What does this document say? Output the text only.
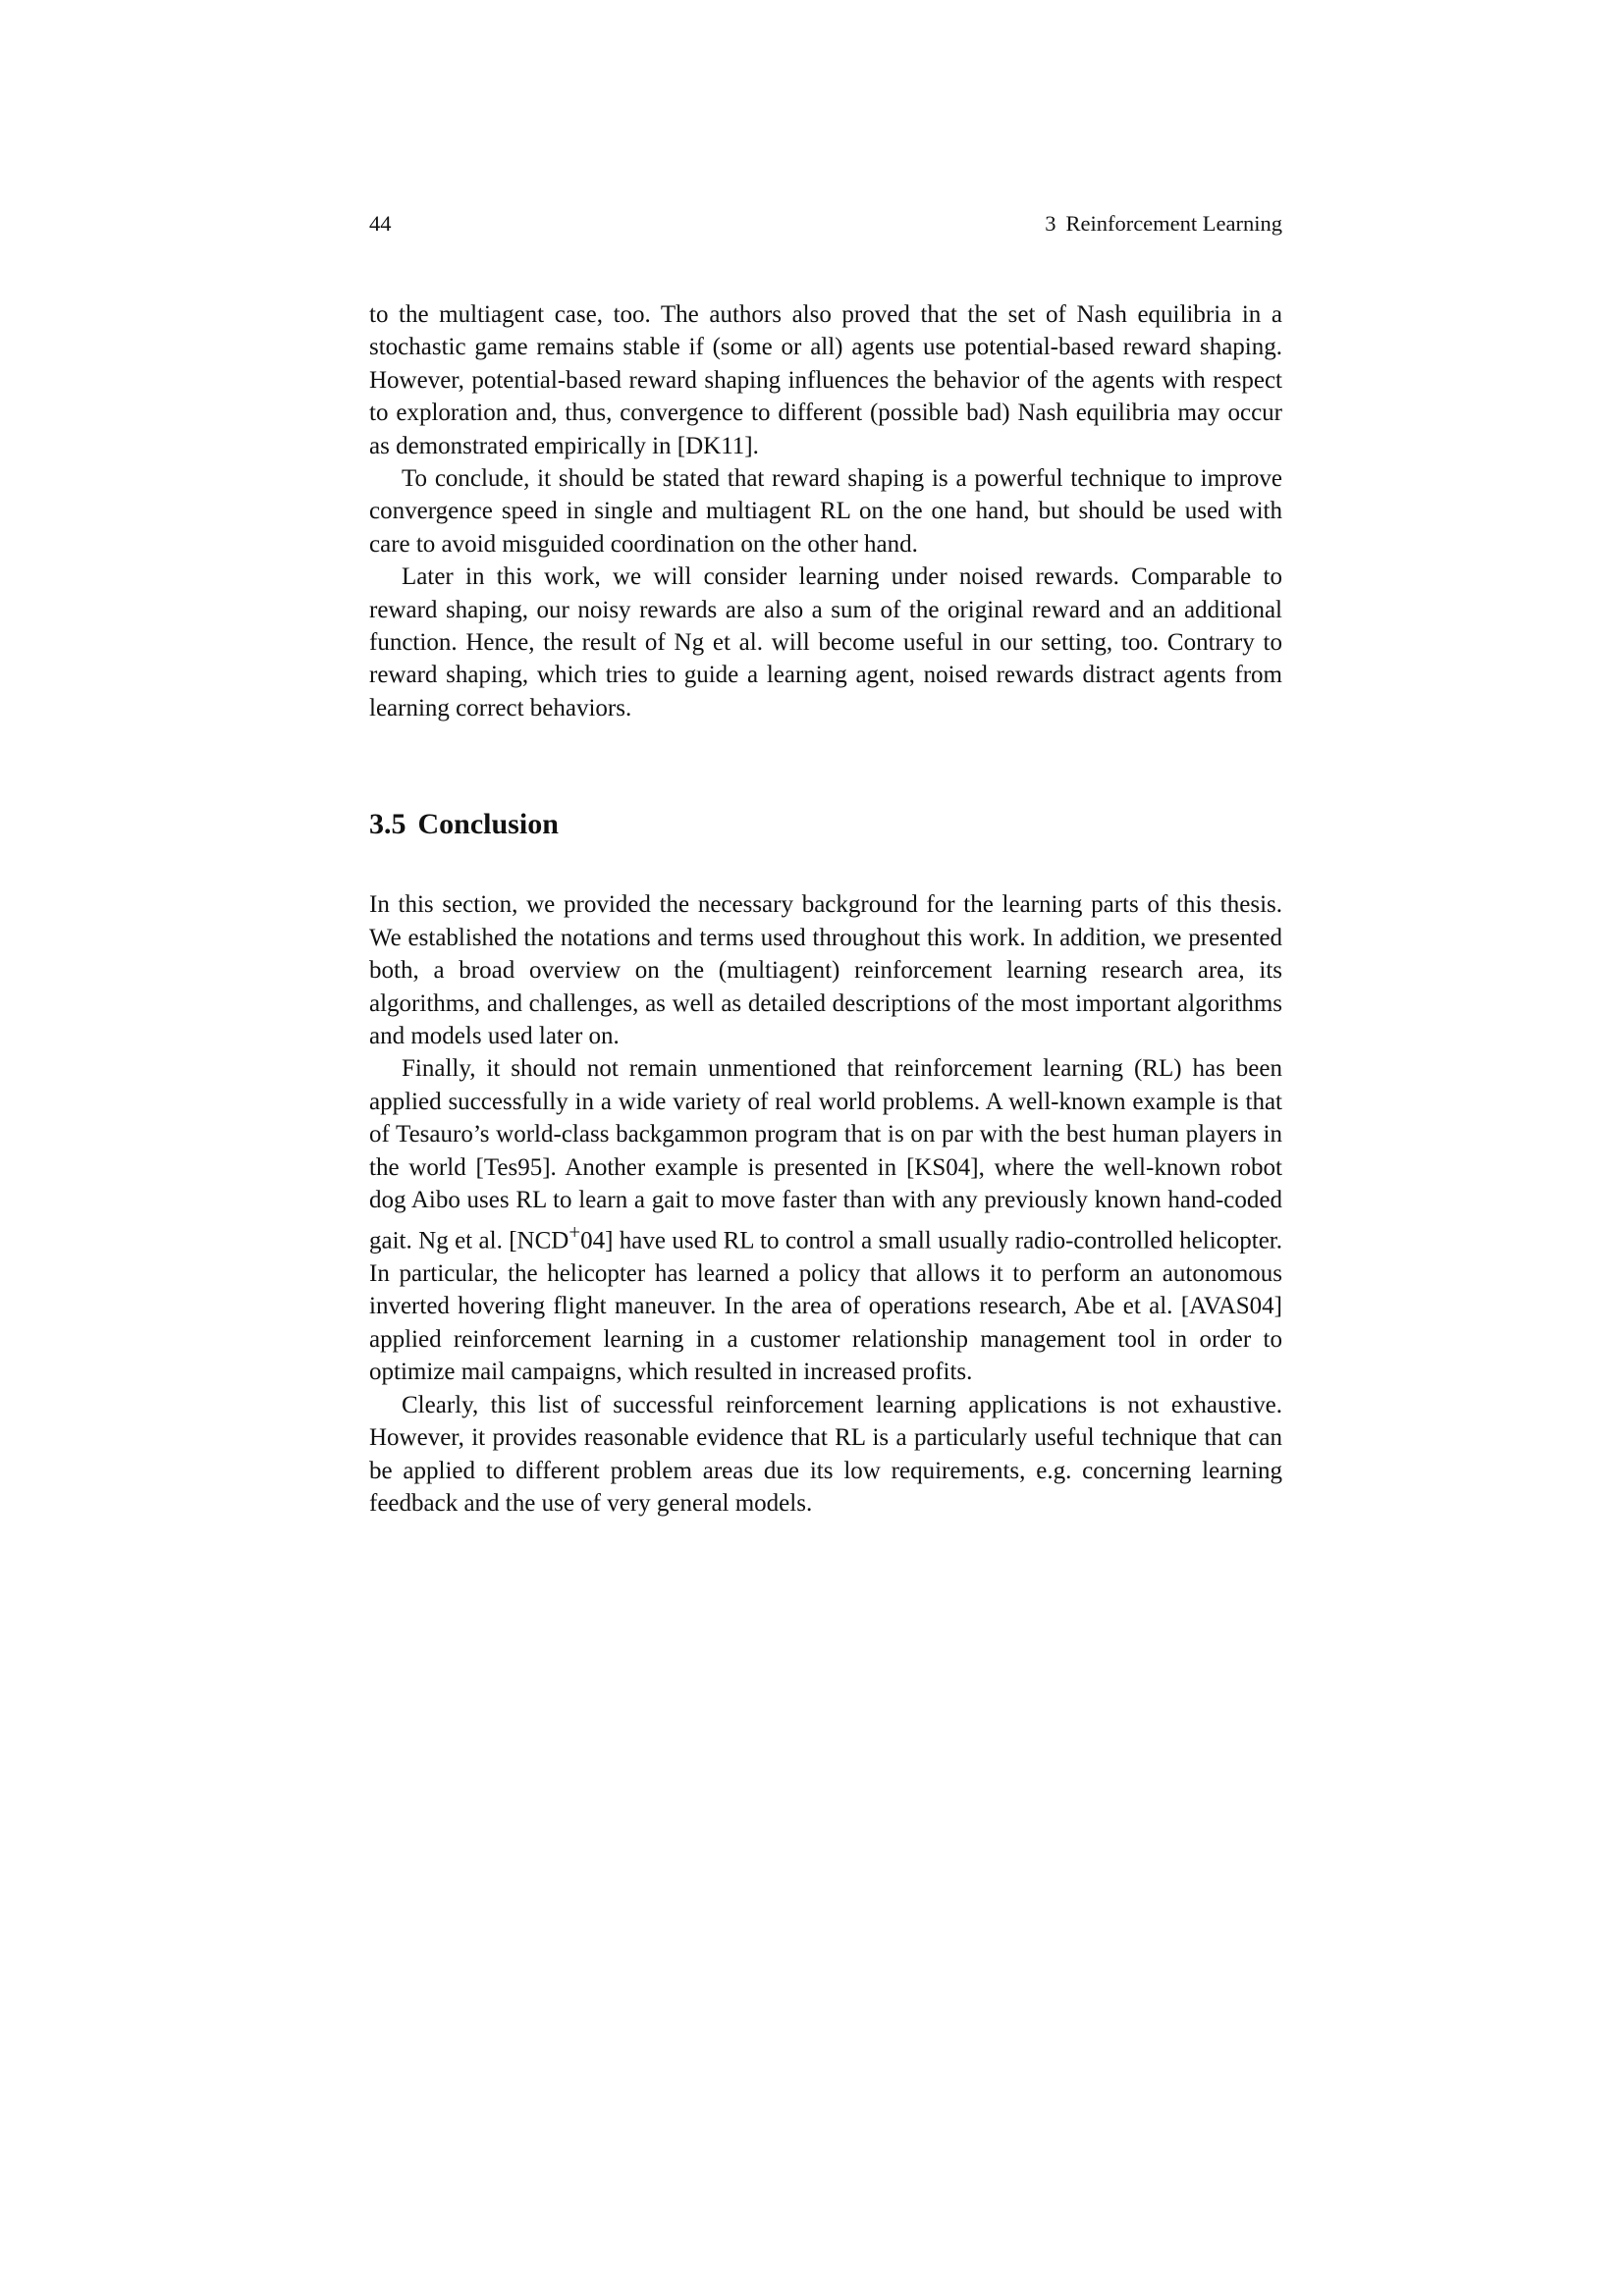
44	3 Reinforcement Learning

to the multiagent case, too. The authors also proved that the set of Nash equilibria in a stochastic game remains stable if (some or all) agents use potential-based reward shaping. However, potential-based reward shaping influences the behavior of the agents with respect to exploration and, thus, convergence to different (possible bad) Nash equilibria may occur as demonstrated empirically in [DK11].

To conclude, it should be stated that reward shaping is a powerful technique to improve convergence speed in single and multiagent RL on the one hand, but should be used with care to avoid misguided coordination on the other hand.

Later in this work, we will consider learning under noised rewards. Comparable to reward shaping, our noisy rewards are also a sum of the original reward and an additional function. Hence, the result of Ng et al. will become useful in our setting, too. Contrary to reward shaping, which tries to guide a learning agent, noised rewards distract agents from learning correct behaviors.

3.5 Conclusion

In this section, we provided the necessary background for the learning parts of this thesis. We established the notations and terms used throughout this work. In addition, we presented both, a broad overview on the (multiagent) reinforcement learning research area, its algorithms, and challenges, as well as detailed descriptions of the most important algorithms and models used later on.

Finally, it should not remain unmentioned that reinforcement learning (RL) has been applied successfully in a wide variety of real world problems. A well-known example is that of Tesauro’s world-class backgammon program that is on par with the best human players in the world [Tes95]. Another example is presented in [KS04], where the well-known robot dog Aibo uses RL to learn a gait to move faster than with any previously known hand-coded gait. Ng et al. [NCD+04] have used RL to control a small usually radio-controlled helicopter. In particular, the helicopter has learned a policy that allows it to perform an autonomous inverted hovering flight maneuver. In the area of operations research, Abe et al. [AVAS04] applied reinforcement learning in a customer relationship management tool in order to optimize mail campaigns, which resulted in increased profits.

Clearly, this list of successful reinforcement learning applications is not exhaustive. However, it provides reasonable evidence that RL is a particularly useful technique that can be applied to different problem areas due its low requirements, e.g. concerning learning feedback and the use of very general models.
